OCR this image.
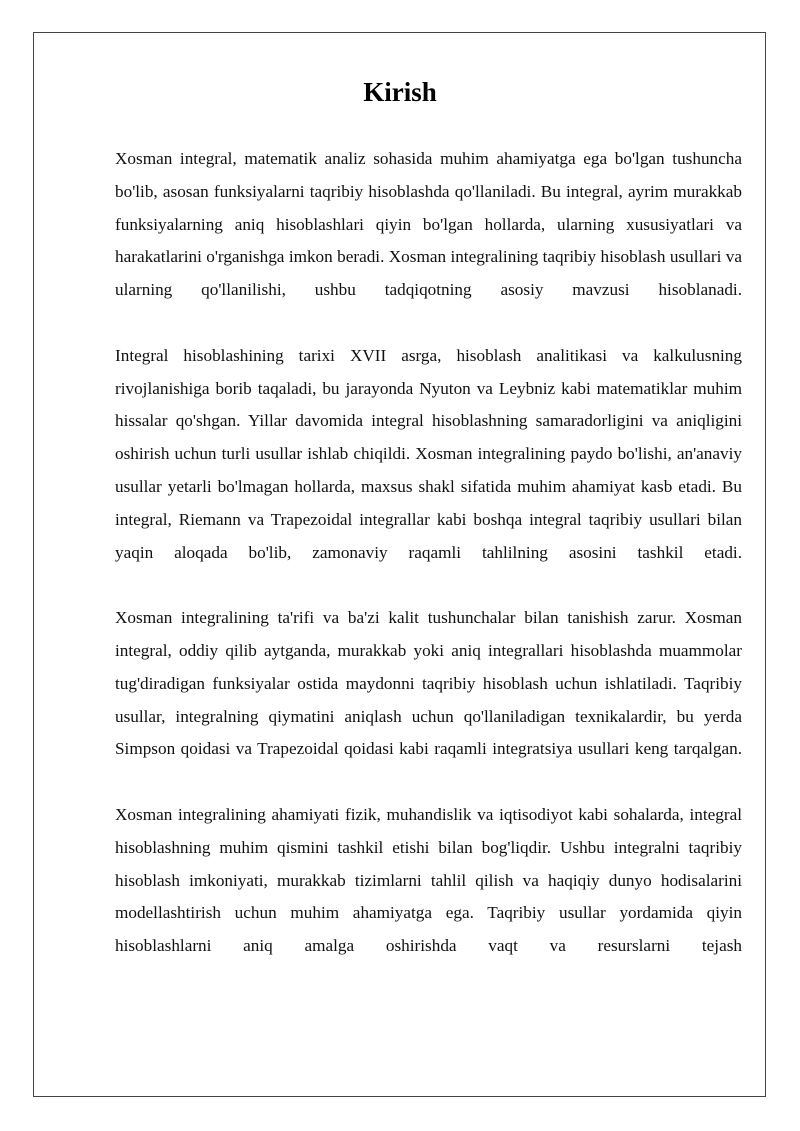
Kirish

Xosman integral, matematik analiz sohasida muhim ahamiyatga ega bo'lgan tushuncha bo'lib, asosan funksiyalarni taqribiy hisoblashda qo'llaniladi. Bu integral, ayrim murakkab funksiyalarning aniq hisoblashlari qiyin bo'lgan hollarda, ularning xususiyatlari va harakatlarini o'rganishga imkon beradi. Xosman integralining taqribiy hisoblash usullari va ularning qo'llanilishi, ushbu tadqiqotning asosiy mavzusi hisoblanadi.

Integral hisoblashining tarixi XVII asrga, hisoblash analitikasi va kalkulusning rivojlanishiga borib taqaladi, bu jarayonda Nyuton va Leybniz kabi matematiklar muhim hissalar qo'shgan. Yillar davomida integral hisoblashning samaradorligini va aniqligini oshirish uchun turli usullar ishlab chiqildi. Xosman integralining paydo bo'lishi, an'anaviy usullar yetarli bo'lmagan hollarda, maxsus shakl sifatida muhim ahamiyat kasb etadi. Bu integral, Riemann va Trapezoidal integrallar kabi boshqa integral taqribiy usullari bilan yaqin aloqada bo'lib, zamonaviy raqamli tahlilning asosini tashkil etadi.

Xosman integralining ta'rifi va ba'zi kalit tushunchalar bilan tanishish zarur. Xosman integral, oddiy qilib aytganda, murakkab yoki aniq integrallari hisoblashda muammolar tug'diradigan funksiyalar ostida maydonni taqribiy hisoblash uchun ishlatiladi. Taqribiy usullar, integralning qiymatini aniqlash uchun qo'llaniladigan texnikalardir, bu yerda Simpson qoidasi va Trapezoidal qoidasi kabi raqamli integratsiya usullari keng tarqalgan.

Xosman integralining ahamiyati fizik, muhandislik va iqtisodiyot kabi sohalarda, integral hisoblashning muhim qismini tashkil etishi bilan bog'liqdir. Ushbu integralni taqribiy hisoblash imkoniyati, murakkab tizimlarni tahlil qilish va haqiqiy dunyo hodisalarini modellashtirish uchun muhim ahamiyatga ega. Taqribiy usullar yordamida qiyin hisoblashlarni aniq amalga oshirishda vaqt va resurslarni tejash
